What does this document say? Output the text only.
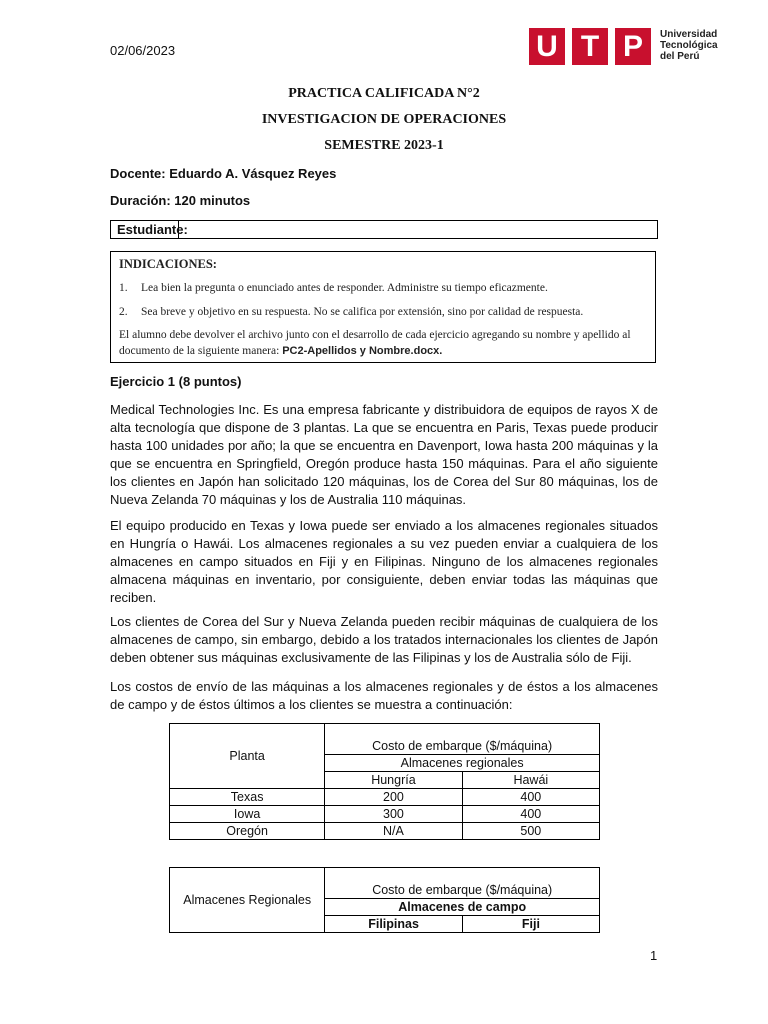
02/06/2023	U T P	Universidad
Tecnológica
del Perú
PRACTICA CALIFICADA N°2
INVESTIGACION DE OPERACIONES
SEMESTRE 2023-1
Docente: Eduardo A. Vásquez Reyes
Duración: 120 minutos
Estudiante:
INDICACIONES:
1. Lea bien la pregunta o enunciado antes de responder. Administre su tiempo eficazmente.
2. Sea breve y objetivo en su respuesta. No se califica por extensión, sino por calidad de respuesta.
El alumno debe devolver el archivo junto con el desarrollo de cada ejercicio agregando su nombre y apellido al documento de la siguiente manera: PC2-Apellidos y Nombre.docx.
Ejercicio 1 (8 puntos)
Medical Technologies Inc. Es una empresa fabricante y distribuidora de equipos de rayos X de alta tecnología que dispone de 3 plantas. La que se encuentra en Paris, Texas puede producir hasta 100 unidades por año; la que se encuentra en Davenport, Iowa hasta 200 máquinas y la que se encuentra en Springfield, Oregón produce hasta 150 máquinas. Para el año siguiente los clientes en Japón han solicitado 120 máquinas, los de Corea del Sur 80 máquinas, los de Nueva Zelanda 70 máquinas y los de Australia 110 máquinas.
El equipo producido en Texas y Iowa puede ser enviado a los almacenes regionales situados en Hungría o Hawái. Los almacenes regionales a su vez pueden enviar a cualquiera de los almacenes en campo situados en Fiji y en Filipinas. Ninguno de los almacenes regionales almacena máquinas en inventario, por consiguiente, deben enviar todas las máquinas que reciben.
Los clientes de Corea del Sur y Nueva Zelanda pueden recibir máquinas de cualquiera de los almacenes de campo, sin embargo, debido a los tratados internacionales los clientes de Japón deben obtener sus máquinas exclusivamente de las Filipinas y los de Australia sólo de Fiji.
Los costos de envío de las máquinas a los almacenes regionales y de éstos a los almacenes de campo y de éstos últimos a los clientes se muestra a continuación:
Planta	Costo de embarque ($/máquina)	
	Almacenes regionales	
	Hungría	Hawái
Texas	200	400
Iowa	300	400
Oregón	N/A	500
Almacenes Regionales	Costo de embarque ($/máquina)	
	Almacenes de campo	
	Filipinas	Fiji
1
